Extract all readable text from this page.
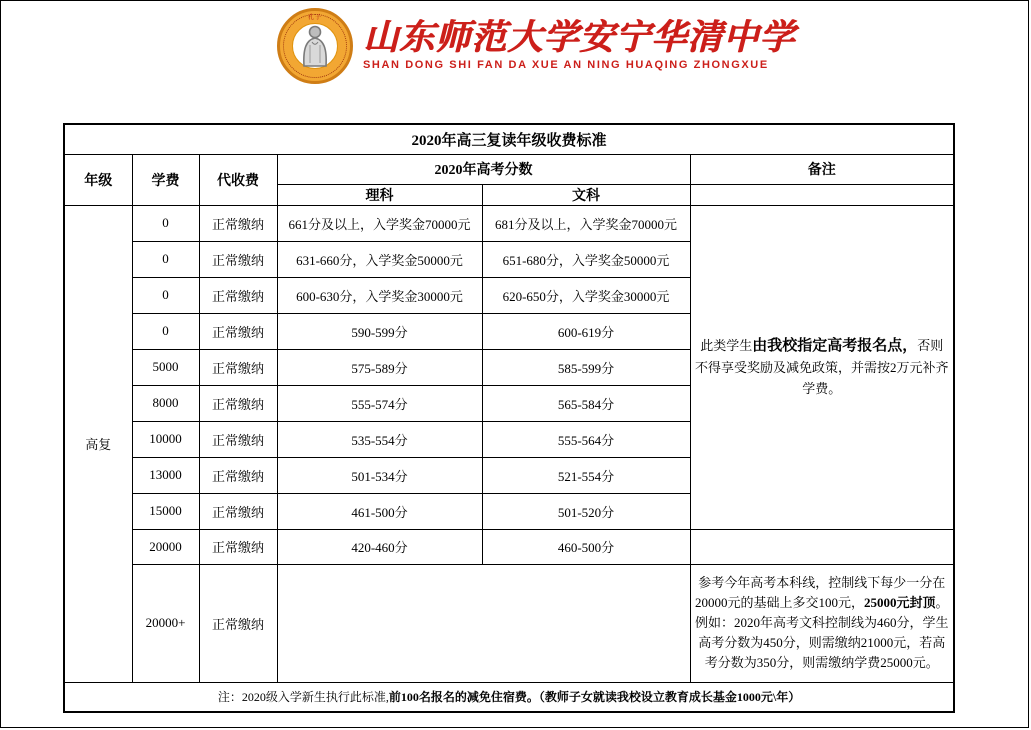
孔子 山东师范大学安宁华清中学
SHAN DONG SHI FAN DA XUE AN NING HUAQING ZHONGXUE
2020年高三复读年级收费标准					
年级	学费	代收费	2020年高考分数		备注
			理科	文科	
高复	0	正常缴纳	661分及以上，入学奖金70000元	681分及以上，入学奖金70000元	此类学生由我校指定高考报名点，否则不得享受奖励及减免政策，并需按2万元补齐学费。
	0	正常缴纳	631-660分，入学奖金50000元	651-680分，入学奖金50000元	
	0	正常缴纳	600-630分，入学奖金30000元	620-650分，入学奖金30000元	
	0	正常缴纳	590-599分	600-619分	
	5000	正常缴纳	575-589分	585-599分	
	8000	正常缴纳	555-574分	565-584分	
	10000	正常缴纳	535-554分	555-564分	
	13000	正常缴纳	501-534分	521-554分	
	15000	正常缴纳	461-500分	501-520分	
	20000	正常缴纳	420-460分	460-500分	
	20000+	正常缴纳			参考今年高考本科线，控制线下每少一分在20000元的基础上多交100元，25000元封顶。例如：2020年高考文科控制线为460分，学生高考分数为450分，则需缴纳21000元，若高考分数为350分，则需缴纳学费25000元。
注：2020级入学新生执行此标准,前100名报名的减免住宿费。（教师子女就读我校设立教育成长基金1000元\年）					
